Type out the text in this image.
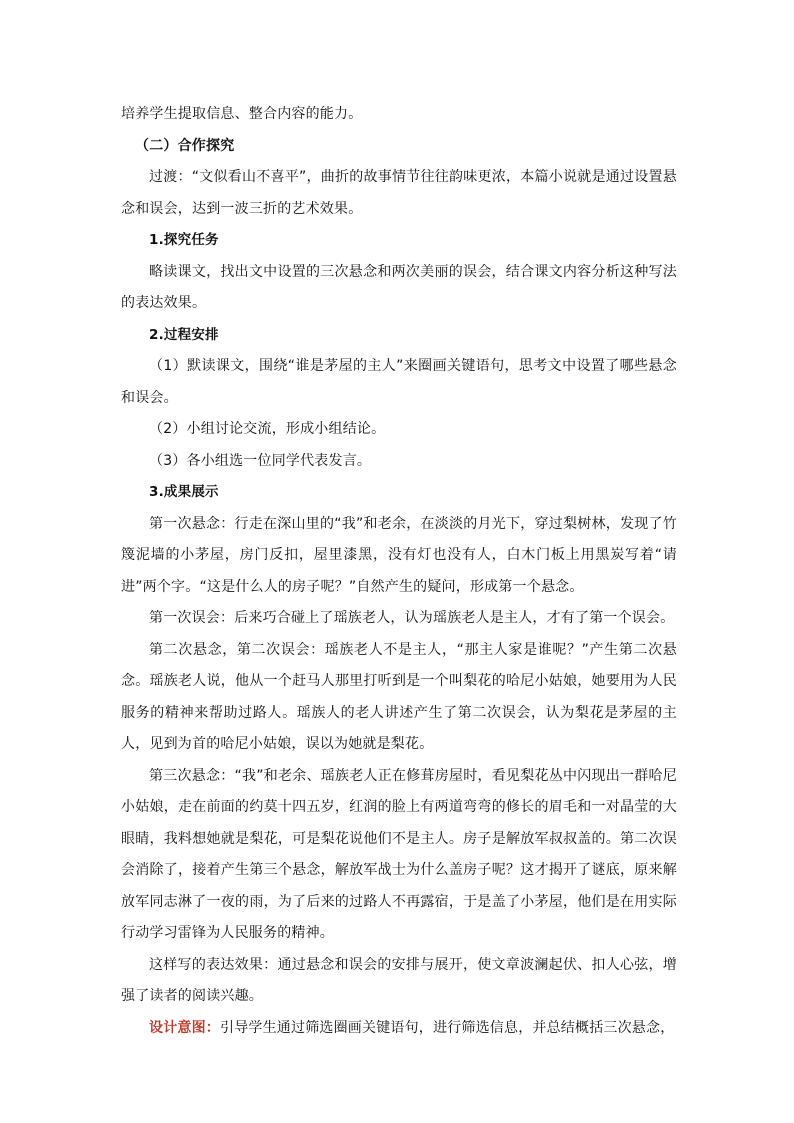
培养学生提取信息、整合内容的能力。

（二）合作探究

过渡：“文似看山不喜平”，曲折的故事情节往往韵味更浓，本篇小说就是通过设置悬念和误会，达到一波三折的艺术效果。

1.探究任务

略读课文，找出文中设置的三次悬念和两次美丽的误会，结合课文内容分析这种写法的表达效果。

2.过程安排

（1）默读课文，围绕“谁是茅屋的主人”来圈画关键语句，思考文中设置了哪些悬念和误会。

（2）小组讨论交流，形成小组结论。

（3）各小组选一位同学代表发言。

3.成果展示

第一次悬念：行走在深山里的“我”和老余，在淡淡的月光下，穿过梨树林，发现了竹篾泥墙的小茅屋，房门反扣，屋里漆黑，没有灯也没有人，白木门板上用黑炭写着“请进”两个字。“这是什么人的房子呢？”自然产生的疑问，形成第一个悬念。

第一次误会：后来巧合碰上了瑶族老人，认为瑶族老人是主人，才有了第一个误会。

第二次悬念，第二次误会：瑶族老人不是主人，“那主人家是谁呢？”产生第二次悬念。瑶族老人说，他从一个赶马人那里打听到是一个叫梨花的哈尼小姑娘，她要用为人民服务的精神来帮助过路人。瑶族人的老人讲述产生了第二次误会，认为梨花是茅屋的主人，见到为首的哈尼小姑娘，误以为她就是梨花。

第三次悬念：“我”和老余、瑶族老人正在修葺房屋时，看见梨花丛中闪现出一群哈尼小姑娘，走在前面的约莫十四五岁，红润的脸上有两道弯弯的修长的眉毛和一对晶莹的大眼睛，我料想她就是梨花，可是梨花说他们不是主人。房子是解放军叔叔盖的。第二次误会消除了，接着产生第三个悬念，解放军战士为什么盖房子呢？这才揭开了谜底，原来解放军同志淋了一夜的雨，为了后来的过路人不再露宿，于是盖了小茅屋，他们是在用实际行动学习雷锋为人民服务的精神。

这样写的表达效果：通过悬念和误会的安排与展开，使文章波澜起伏、扣人心弦，增强了读者的阅读兴趣。

设计意图：引导学生通过筛选圈画关键语句，进行筛选信息，并总结概括三次悬念，
